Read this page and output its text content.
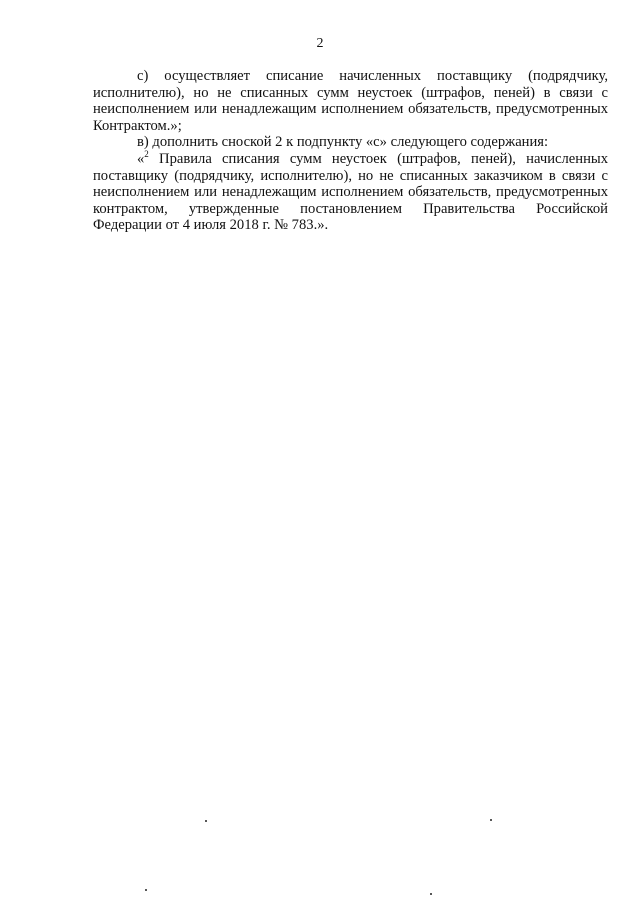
2

с) осуществляет списание начисленных поставщику (подрядчику, исполнителю), но не списанных сумм неустоек (штрафов, пеней) в связи с неисполнением или ненадлежащим исполнением обязательств, предусмотренных Контрактом.»;

в) дополнить сноской 2 к подпункту «с» следующего содержания:

«$^2$ Правила списания сумм неустоек (штрафов, пеней), начисленных поставщику (подрядчику, исполнителю), но не списанных заказчиком в связи с неисполнением или ненадлежащим исполнением обязательств, предусмотренных контрактом, утвержденные постановлением Правительства Российской Федерации от 4 июля 2018 г. № 783.».
